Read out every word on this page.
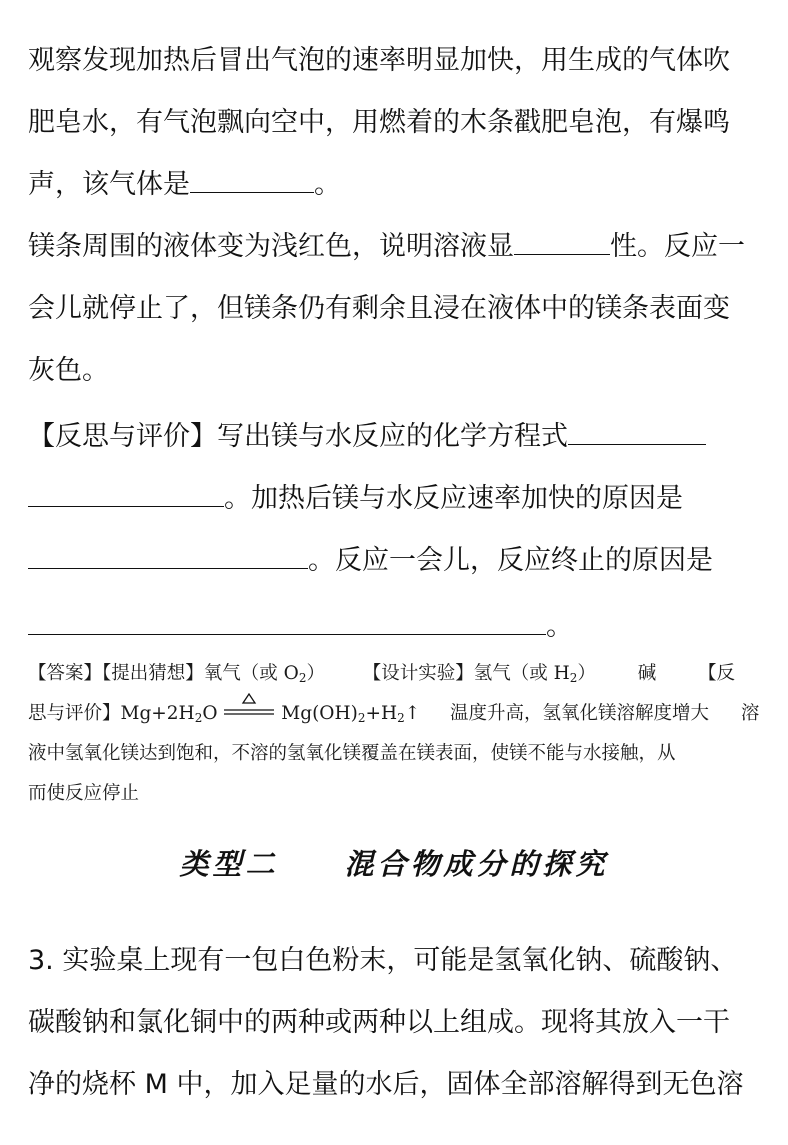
观察发现加热后冒出气泡的速率明显加快，用生成的气体吹
肥皂水，有气泡飘向空中，用燃着的木条戳肥皂泡，有爆鸣
声，该气体是	。
镁条周围的液体变为浅红色，说明溶液显	性。反应一
会儿就停止了，但镁条仍有剩余且浸在液体中的镁条表面变
灰色。
【反思与评价】写出镁与水反应的化学方程式
。加热后镁与水反应速率加快的原因是
。反应一会儿，反应终止的原因是
。
【答案】【提出猜想】氧气（或 $O_2$） 【设计实验】氢气（或 $H_2$） 碱 【反
思与评价】$Mg+2H_2O$	$Mg(OH)_2+H_2↑$ 温度升高，氢氧化镁溶解度增大 溶
液中氢氧化镁达到饱和，不溶的氢氧化镁覆盖在镁表面，使镁不能与水接触，从
而使反应停止
类型二　　混合物成分的探究
3. 实验桌上现有一包白色粉末，可能是氢氧化钠、硫酸钠、
碳酸钠和氯化铜中的两种或两种以上组成。现将其放入一干
净的烧杯 M 中，加入足量的水后，固体全部溶解得到无色溶
